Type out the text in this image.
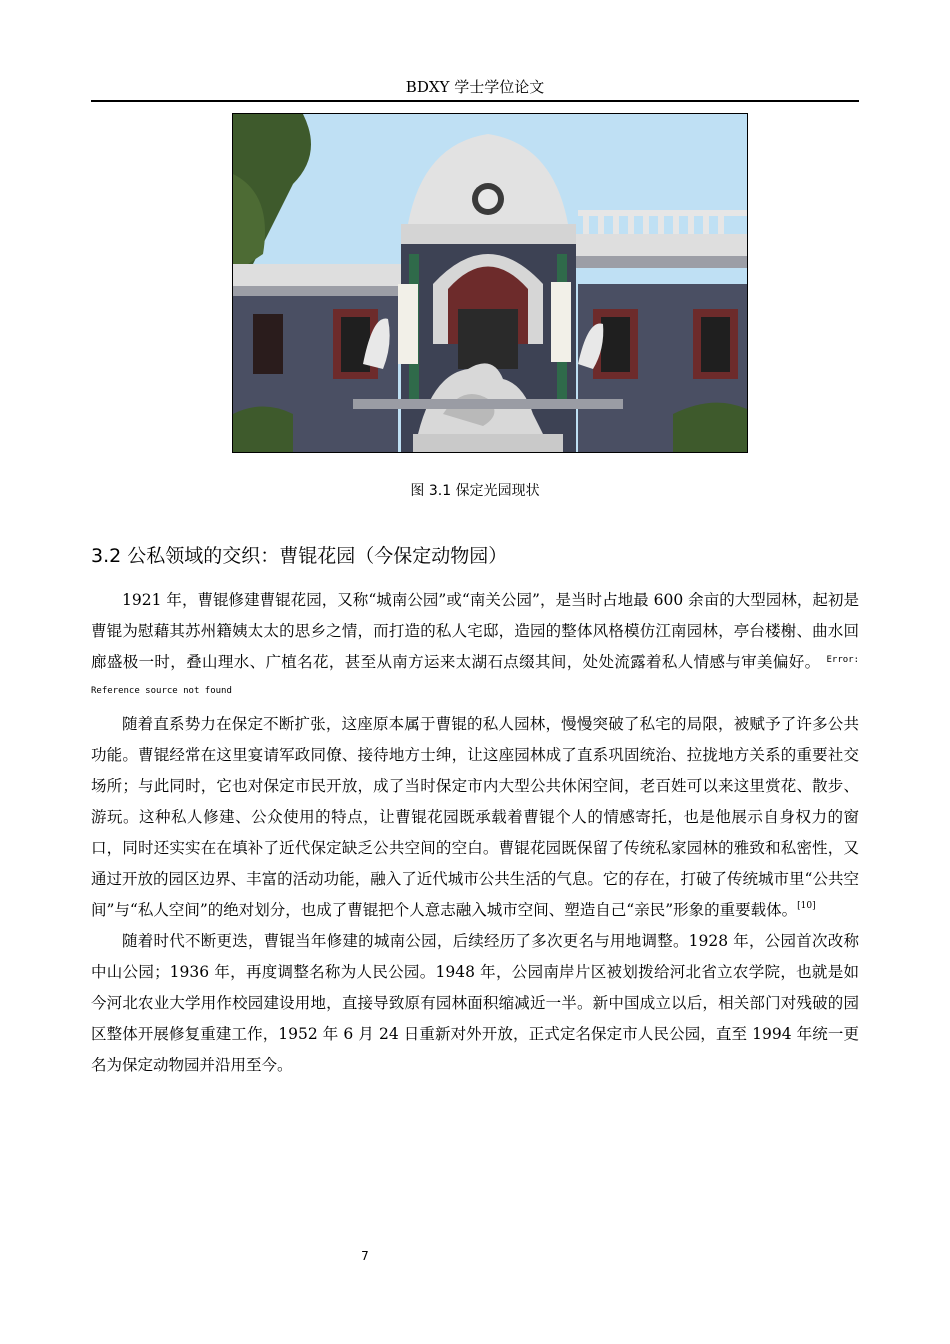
BDXY 学士学位论文
图 3.1 保定光园现状
3.2 公私领域的交织：曹锟花园（今保定动物园）

1921 年，曹锟修建曹锟花园，又称“城南公园”或“南关公园”，是当时占地最 600 余亩的大型园林，起初是曹锟为慰藉其苏州籍姨太太的思乡之情，而打造的私人宅邸，造园的整体风格模仿江南园林，亭台楼榭、曲水回廊盛极一时，叠山理水、广植名花，甚至从南方运来太湖石点缀其间，处处流露着私人情感与审美偏好。 $^{Error: Reference source not found}$

随着直系势力在保定不断扩张，这座原本属于曹锟的私人园林，慢慢突破了私宅的局限，被赋予了许多公共功能。曹锟经常在这里宴请军政同僚、接待地方士绅，让这座园林成了直系巩固统治、拉拢地方关系的重要社交场所；与此同时，它也对保定市民开放，成了当时保定市内大型公共休闲空间，老百姓可以来这里赏花、散步、游玩。这种私人修建、公众使用的特点，让曹锟花园既承载着曹锟个人的情感寄托，也是他展示自身权力的窗口，同时还实实在在填补了近代保定缺乏公共空间的空白。曹锟花园既保留了传统私家园林的雅致和私密性，又通过开放的园区边界、丰富的活动功能，融入了近代城市公共生活的气息。它的存在，打破了传统城市里“公共空间”与“私人空间”的绝对划分，也成了曹锟把个人意志融入城市空间、塑造自己“亲民”形象的重要载体。[10]

随着时代不断更迭，曹锟当年修建的城南公园，后续经历了多次更名与用地调整。1928 年，公园首次改称中山公园；1936 年，再度调整名称为人民公园。1948 年，公园南岸片区被划拨给河北省立农学院，也就是如今河北农业大学用作校园建设用地，直接导致原有园林面积缩减近一半。新中国成立以后，相关部门对残破的园区整体开展修复重建工作，1952 年 6 月 24 日重新对外开放，正式定名保定市人民公园，直至 1994 年统一更名为保定动物园并沿用至今。

7
